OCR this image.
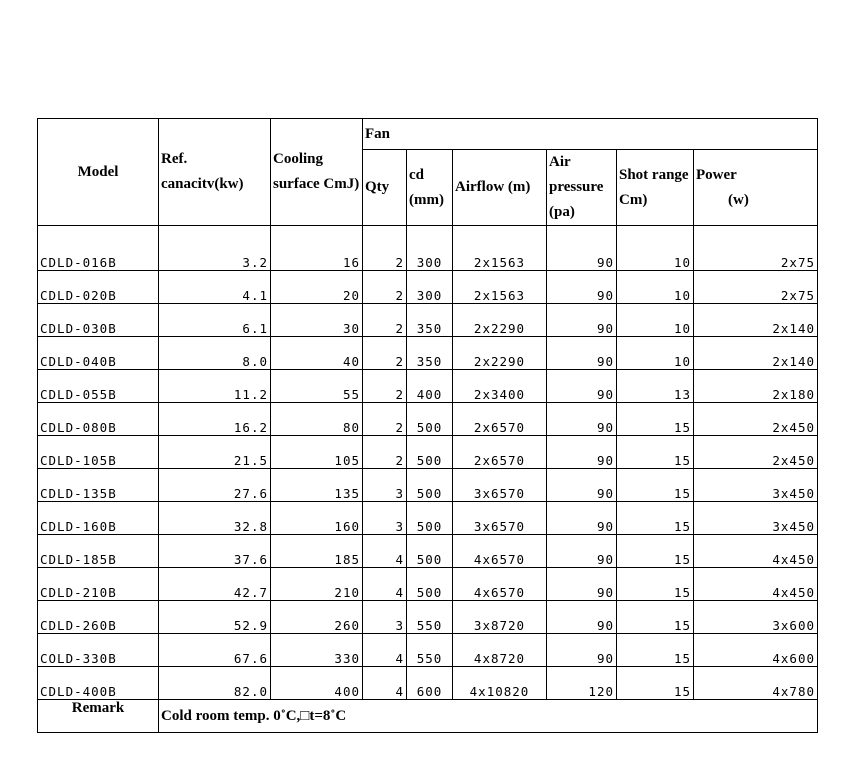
Model	Ref. canacitv(kw)	Cooling surface CmJ)	Fan					
			Qty	cd (mm)	Airflow (m)	Air pressure (pa)	Shot range Cm)	Power
(w)

CDLD-016B	3.2	16	2	300	2x1563	90	10	2x75
CDLD-020B	4.1	20	2	300	2x1563	90	10	2x75
CDLD-030B	6.1	30	2	350	2x2290	90	10	2x140
CDLD-040B	8.0	40	2	350	2x2290	90	10	2x140
CDLD-055B	11.2	55	2	400	2x3400	90	13	2x180
CDLD-080B	16.2	80	2	500	2x6570	90	15	2x450
CDLD-105B	21.5	105	2	500	2x6570	90	15	2x450
CDLD-135B	27.6	135	3	500	3x6570	90	15	3x450
CDLD-160B	32.8	160	3	500	3x6570	90	15	3x450
CDLD-185B	37.6	185	4	500	4x6570	90	15	4x450
CDLD-210B	42.7	210	4	500	4x6570	90	15	4x450
CDLD-260B	52.9	260	3	550	3x8720	90	15	3x600
COLD-330B	67.6	330	4	550	4x8720	90	15	4x600
CDLD-400B	82.0	400	4	600	4x10820	120	15	4x780
Remark	Cold room temp. 0˚C,□t=8˚C							
